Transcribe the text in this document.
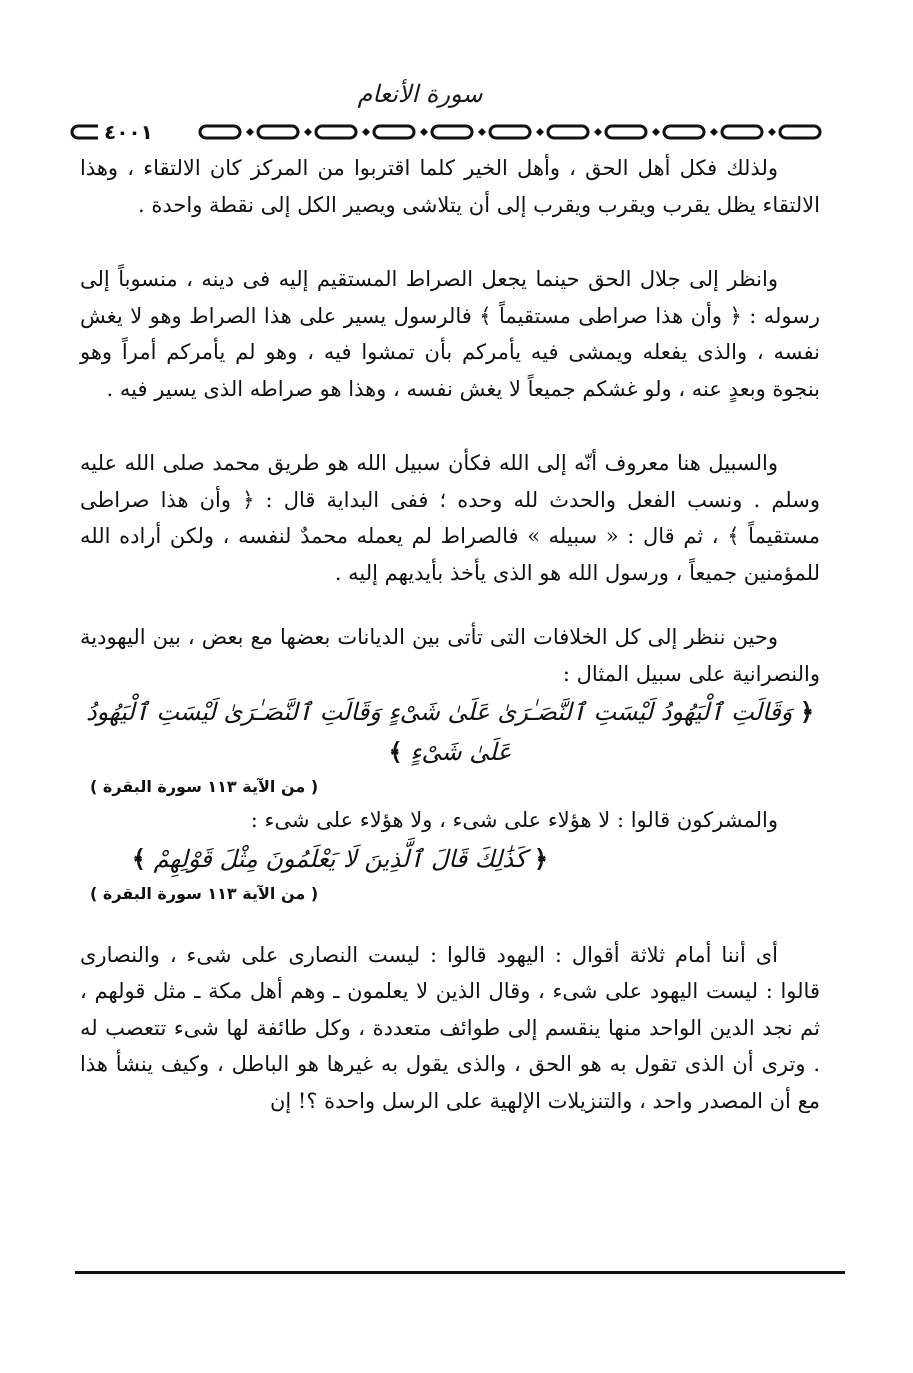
سورة الأنعام
٤٠٠١

ولذلك فكل أهل الحق ، وأهل الخير كلما اقتربوا من المركز كان الالتقاء ، وهذا الالتقاء يظل يقرب ويقرب ويقرب إلى أن يتلاشى ويصير الكل إلى نقطة واحدة .

وانظر إلى جلال الحق حينما يجعل الصراط المستقيم إليه فى دينه ، منسوباً إلى رسوله : ﴿ وأن هذا صراطى مستقيماً ﴾ فالرسول يسير على هذا الصراط وهو لا يغش نفسه ، والذى يفعله ويمشى فيه يأمركم بأن تمشوا فيه ، وهو لم يأمركم أمراً وهو بنجوة وبعدٍ عنه ، ولو غشكم جميعاً لا يغش نفسه ، وهذا هو صراطه الذى يسير فيه .

والسبيل هنا معروف أنّه إلى الله فكأن سبيل الله هو طريق محمد صلى الله عليه وسلم . ونسب الفعل والحدث لله وحده ؛ ففى البداية قال : ﴿ وأن هذا صراطى مستقيماً ﴾ ، ثم قال : « سبيله » فالصراط لم يعمله محمدٌ لنفسه ، ولكن أراده الله للمؤمنين جميعاً ، ورسول الله هو الذى يأخذ بأيديهم إليه .

وحين ننظر إلى كل الخلافات التى تأتى بين الديانات بعضها مع بعض ، بين اليهودية والنصرانية على سبيل المثال :

﴿ وَقَالَتِ ٱلْيَهُودُ لَيْسَتِ ٱلنَّصَـٰرَىٰ عَلَىٰ شَىْءٍ وَقَالَتِ ٱلنَّصَـٰرَىٰ لَيْسَتِ ٱلْيَهُودُ عَلَىٰ شَىْءٍ ﴾

( من الآية ١١٣ سورة البقرة )

والمشركون قالوا : لا هؤلاء على شىء ، ولا هؤلاء على شىء :

﴿ كَذَٰلِكَ قَالَ ٱلَّذِينَ لَا يَعْلَمُونَ مِثْلَ قَوْلِهِمْ ﴾

( من الآية ١١٣ سورة البقرة )

أى أننا أمام ثلاثة أقوال : اليهود قالوا : ليست النصارى على شىء ، والنصارى قالوا : ليست اليهود على شىء ، وقال الذين لا يعلمون ـ وهم أهل مكة ـ مثل قولهم ، ثم نجد الدين الواحد منها ينقسم إلى طوائف متعددة ، وكل طائفة لها شىء تتعصب له . وترى أن الذى تقول به هو الحق ، والذى يقول به غيرها هو الباطل ، وكيف ينشأ هذا مع أن المصدر واحد ، والتنزيلات الإلهية على الرسل واحدة ؟! إن
